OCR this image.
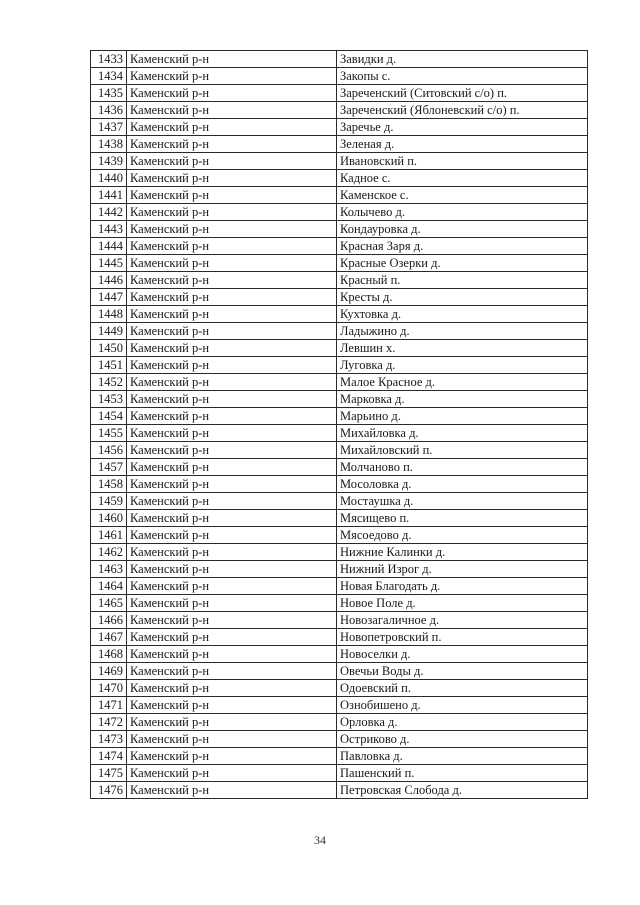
1433	Каменский р-н	Завидки д.
1434	Каменский р-н	Закопы с.
1435	Каменский р-н	Зареченский (Ситовский с/о) п.
1436	Каменский р-н	Зареченский (Яблоневский с/о) п.
1437	Каменский р-н	Заречье д.
1438	Каменский р-н	Зеленая д.
1439	Каменский р-н	Ивановский п.
1440	Каменский р-н	Кадное с.
1441	Каменский р-н	Каменское с.
1442	Каменский р-н	Колычево д.
1443	Каменский р-н	Кондауровка д.
1444	Каменский р-н	Красная Заря д.
1445	Каменский р-н	Красные Озерки д.
1446	Каменский р-н	Красный п.
1447	Каменский р-н	Кресты д.
1448	Каменский р-н	Кухтовка д.
1449	Каменский р-н	Ладыжино д.
1450	Каменский р-н	Левшин х.
1451	Каменский р-н	Луговка д.
1452	Каменский р-н	Малое Красное д.
1453	Каменский р-н	Марковка д.
1454	Каменский р-н	Марьино д.
1455	Каменский р-н	Михайловка д.
1456	Каменский р-н	Михайловский п.
1457	Каменский р-н	Молчаново п.
1458	Каменский р-н	Мосоловка д.
1459	Каменский р-н	Мостаушка д.
1460	Каменский р-н	Мясищево п.
1461	Каменский р-н	Мясоедово д.
1462	Каменский р-н	Нижние Калинки д.
1463	Каменский р-н	Нижний Изрог д.
1464	Каменский р-н	Новая Благодать д.
1465	Каменский р-н	Новое Поле д.
1466	Каменский р-н	Новозагаличное д.
1467	Каменский р-н	Новопетровский п.
1468	Каменский р-н	Новоселки д.
1469	Каменский р-н	Овечьи Воды д.
1470	Каменский р-н	Одоевский п.
1471	Каменский р-н	Ознобишено д.
1472	Каменский р-н	Орловка д.
1473	Каменский р-н	Остриково д.
1474	Каменский р-н	Павловка д.
1475	Каменский р-н	Пашенский п.
1476	Каменский р-н	Петровская Слобода д.
34
